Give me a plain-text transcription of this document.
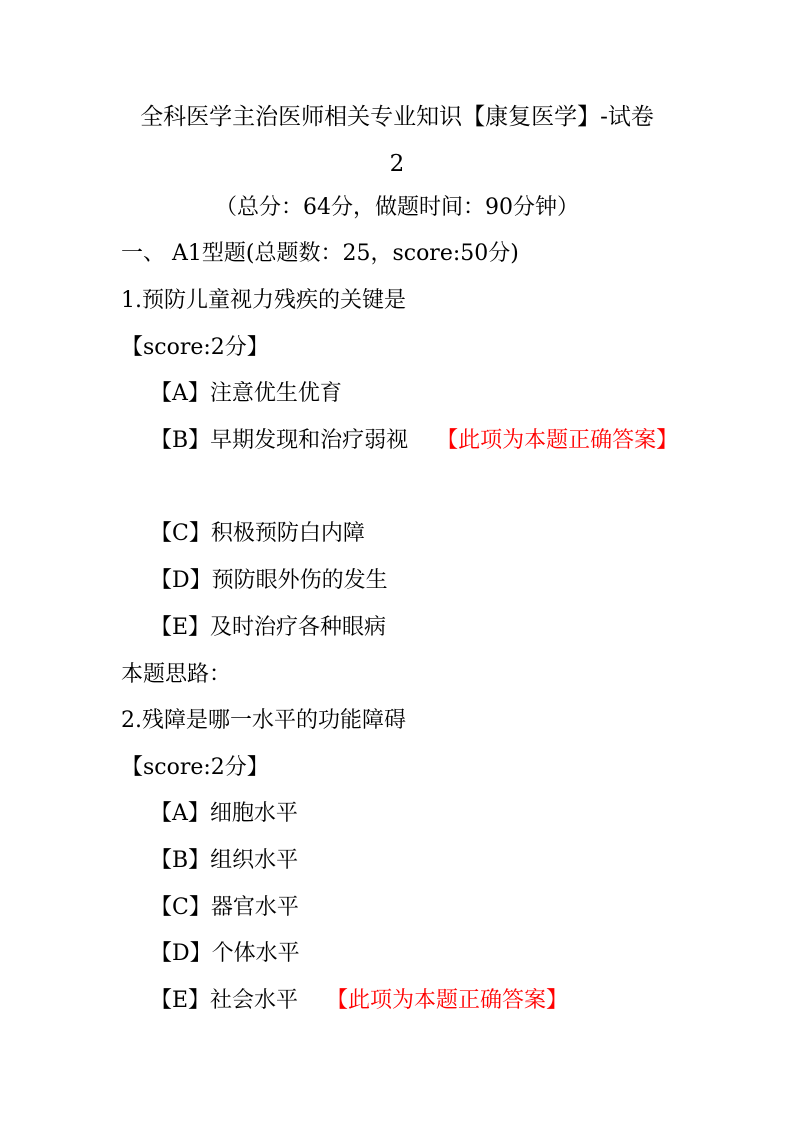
全科医学主治医师相关专业知识【康复医学】-试卷
2
（总分：64分，做题时间：90分钟）
一、 A1型题(总题数：25，score:50分)
1.预防儿童视力残疾的关键是
【score:2分】
【A】注意优生优育
【B】早期发现和治疗弱视 【此项为本题正确答案】
【C】积极预防白内障
【D】预防眼外伤的发生
【E】及时治疗各种眼病
本题思路：
2.残障是哪一水平的功能障碍
【score:2分】
【A】细胞水平
【B】组织水平
【C】器官水平
【D】个体水平
【E】社会水平 【此项为本题正确答案】
